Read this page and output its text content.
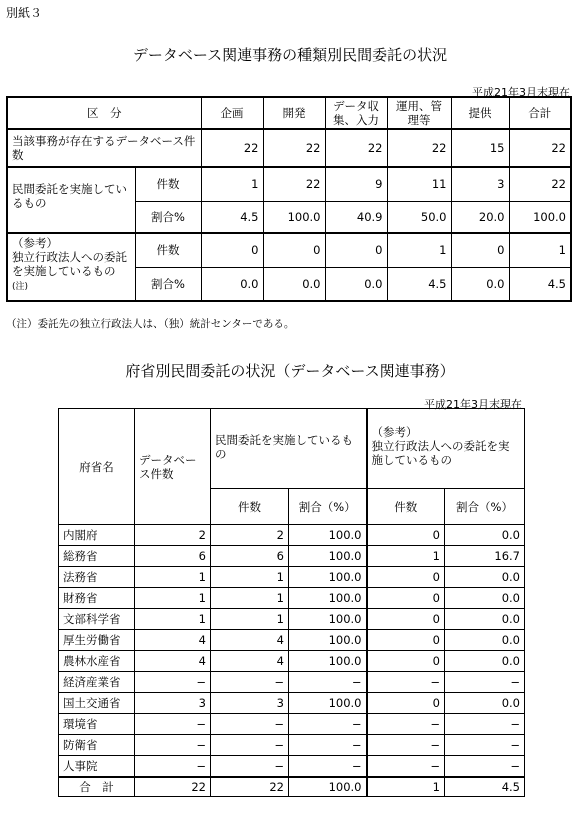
別紙３
データベース関連事務の種類別民間委託の状況
平成21年3月末現在
区　分		企画	開発	データ収集、入力	運用、管理等	提供	合計
当該事務が存在するデータベース件数		22	22	22	22	15	22
民間委託を実施しているもの	件数	1	22	9	11	3	22
	割合%	4.5	100.0	40.9	50.0	20.0	100.0
（参考）
独立行政法人への委託を実施しているもの(注)	件数	0	0	0	1	0	1
	割合%	0.0	0.0	0.0	4.5	0.0	4.5
（注）委託先の独立行政法人は、（独）統計センターである。
府省別民間委託の状況（データベース関連事務）
平成21年3月末現在
府省名	データベース件数	民間委託を実施しているもの		（参考）
独立行政法人への委託を実施しているもの	
		件数	割合（%）	件数	割合（%）
内閣府	2	2	100.0	0	0.0
総務省	6	6	100.0	1	16.7
法務省	1	1	100.0	0	0.0
財務省	1	1	100.0	0	0.0
文部科学省	1	1	100.0	0	0.0
厚生労働省	4	4	100.0	0	0.0
農林水産省	4	4	100.0	0	0.0
経済産業省	−	−	−	−	−
国土交通省	3	3	100.0	0	0.0
環境省	−	−	−	−	−
防衛省	−	−	−	−	−
人事院	−	−	−	−	−
合　計	22	22	100.0	1	4.5
